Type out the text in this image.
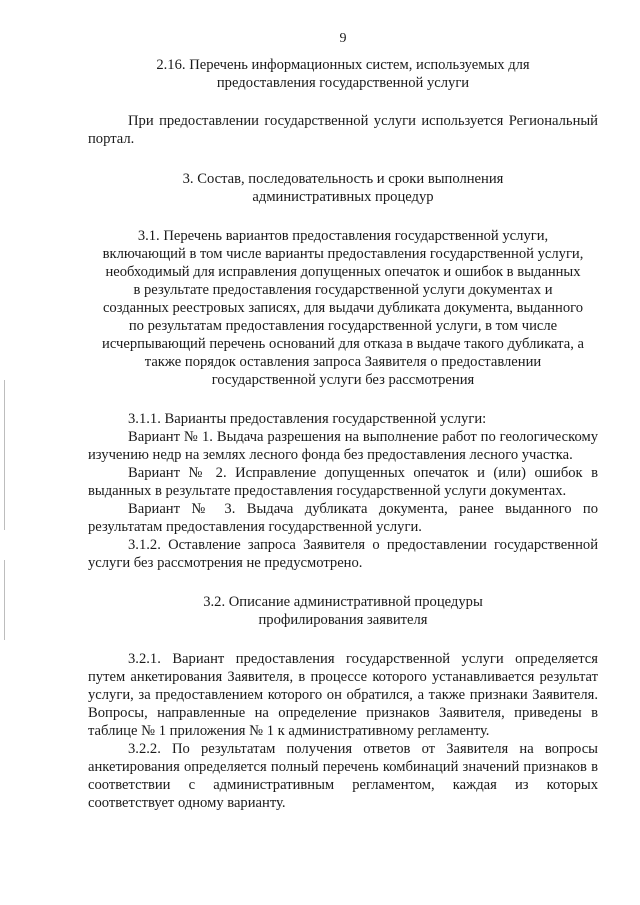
9

2.16. Перечень информационных систем, используемых для
предоставления государственной услуги

При предоставлении государственной услуги используется Региональный портал.

3. Состав, последовательность и сроки выполнения
административных процедур

3.1. Перечень вариантов предоставления государственной услуги,
включающий в том числе варианты предоставления государственной услуги,
необходимый для исправления допущенных опечаток и ошибок в выданных
в результате предоставления государственной услуги документах и
созданных реестровых записях, для выдачи дубликата документа, выданного
по результатам предоставления государственной услуги, в том числе
исчерпывающий перечень оснований для отказа в выдаче такого дубликата, а
также порядок оставления запроса Заявителя о предоставлении
государственной услуги без рассмотрения

3.1.1. Варианты предоставления государственной услуги:

Вариант № 1. Выдача разрешения на выполнение работ по геологическому изучению недр на землях лесного фонда без предоставления лесного участка.

Вариант № 2. Исправление допущенных опечаток и (или) ошибок в выданных в результате предоставления государственной услуги документах.

Вариант № 3. Выдача дубликата документа, ранее выданного по результатам предоставления государственной услуги.

3.1.2. Оставление запроса Заявителя о предоставлении государственной услуги без рассмотрения не предусмотрено.

3.2. Описание административной процедуры
профилирования заявителя

3.2.1. Вариант предоставления государственной услуги определяется путем анкетирования Заявителя, в процессе которого устанавливается результат услуги, за предоставлением которого он обратился, а также признаки Заявителя. Вопросы, направленные на определение признаков Заявителя, приведены в таблице № 1 приложения № 1 к административному регламенту.

3.2.2. По результатам получения ответов от Заявителя на вопросы анкетирования определяется полный перечень комбинаций значений признаков в соответствии с административным регламентом, каждая из которых соответствует одному варианту.
